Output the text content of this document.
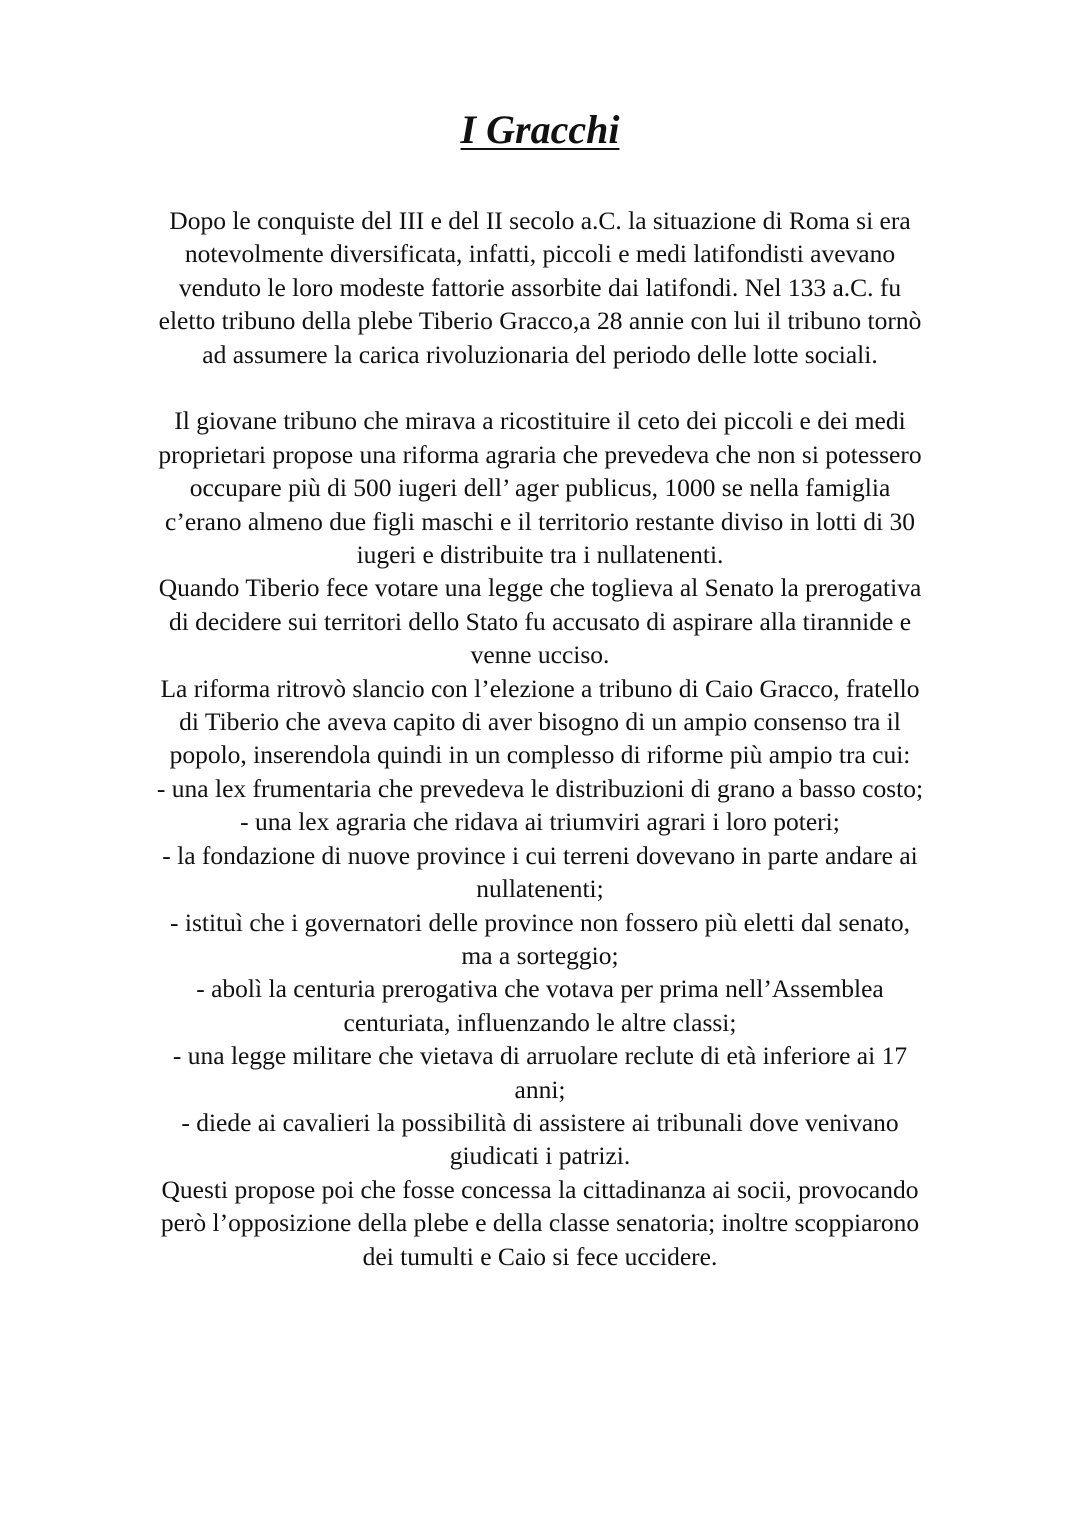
I Gracchi

Dopo le conquiste del III e del II secolo a.C. la situazione di Roma si era
notevolmente diversificata, infatti, piccoli e medi latifondisti avevano
venduto le loro modeste fattorie assorbite dai latifondi. Nel 133 a.C. fu
eletto tribuno della plebe Tiberio Gracco,a 28 annie con lui il tribuno tornò
ad assumere la carica rivoluzionaria del periodo delle lotte sociali.

Il giovane tribuno che mirava a ricostituire il ceto dei piccoli e dei medi
proprietari propose una riforma agraria che prevedeva che non si potessero
occupare più di 500 iugeri dell’ ager publicus, 1000 se nella famiglia
c’erano almeno due figli maschi e il territorio restante diviso in lotti di 30
iugeri e distribuite tra i nullatenenti.

Quando Tiberio fece votare una legge che toglieva al Senato la prerogativa
di decidere sui territori dello Stato fu accusato di aspirare alla tirannide e
venne ucciso.

La riforma ritrovò slancio con l’elezione a tribuno di Caio Gracco, fratello
di Tiberio che aveva capito di aver bisogno di un ampio consenso tra il
popolo, inserendola quindi in un complesso di riforme più ampio tra cui:

- una lex frumentaria che prevedeva le distribuzioni di grano a basso costo;

- una lex agraria che ridava ai triumviri agrari i loro poteri;

- la fondazione di nuove province i cui terreni dovevano in parte andare ai
nullatenenti;

- istituì che i governatori delle province non fossero più eletti dal senato,
ma a sorteggio;

- abolì la centuria prerogativa che votava per prima nell’Assemblea
centuriata, influenzando le altre classi;

- una legge militare che vietava di arruolare reclute di età inferiore ai 17
anni;

- diede ai cavalieri la possibilità di assistere ai tribunali dove venivano
giudicati i patrizi.

Questi propose poi che fosse concessa la cittadinanza ai socii, provocando
però l’opposizione della plebe e della classe senatoria; inoltre scoppiarono
dei tumulti e Caio si fece uccidere.
